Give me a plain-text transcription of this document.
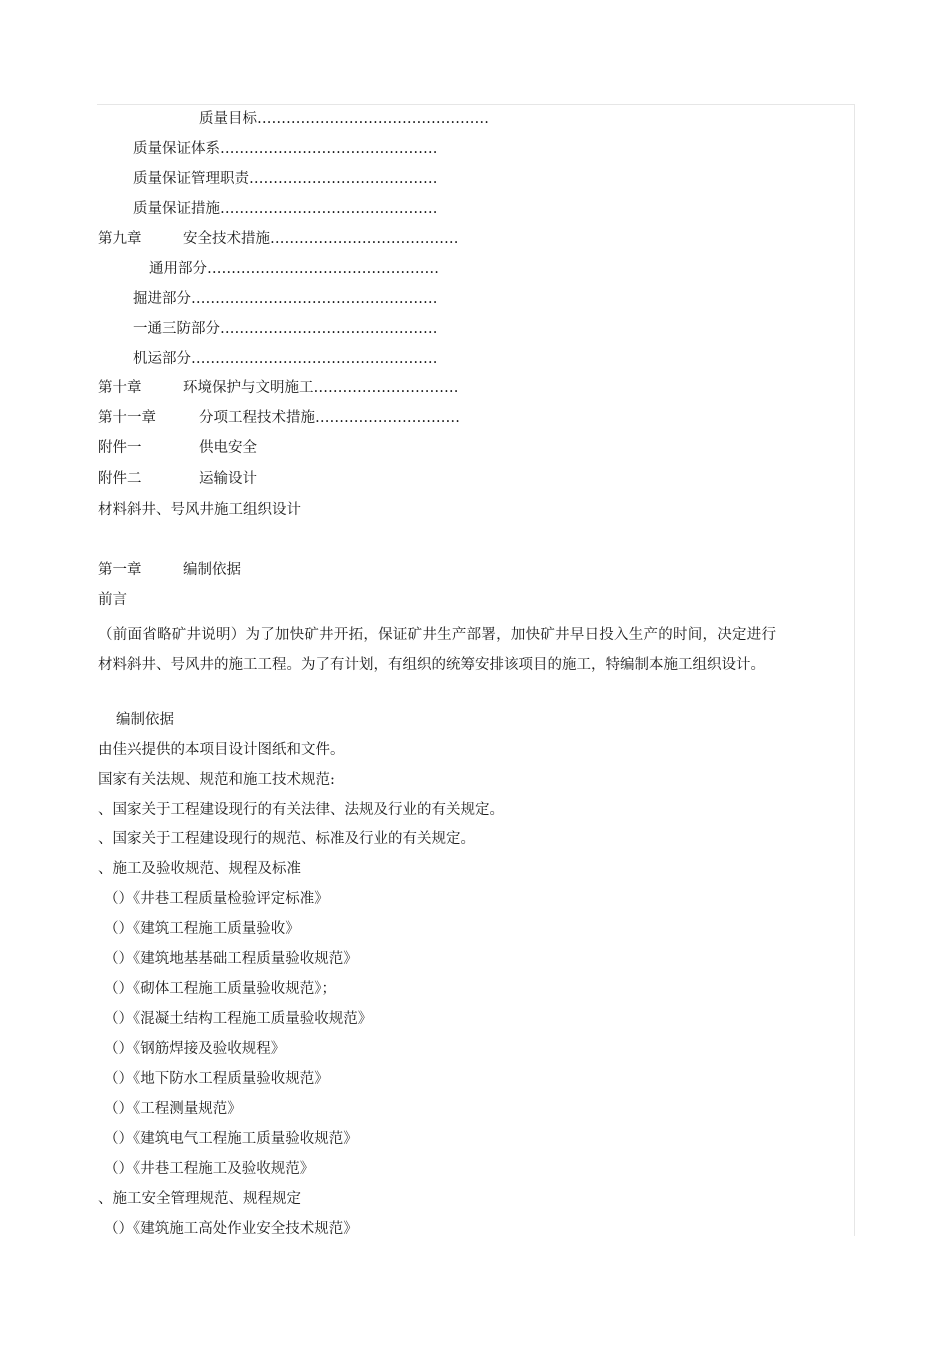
质量目标…………………………………………
质量保证体系………………………………………
质量保证管理职责…………………………………
质量保证措施………………………………………
第九章	安全技术措施…………………………………
通用部分…………………………………………
掘进部分……………………………………………
一通三防部分………………………………………
机运部分……………………………………………
第十章	环境保护与文明施工…………………………
第十一章	分项工程技术措施…………………………
附件一	供电安全
附件二	运输设计
材料斜井、号风井施工组织设计
第一章	编制依据
前言
（前面省略矿井说明）为了加快矿井开拓，保证矿井生产部署，加快矿井早日投入生产的时间，决定进行材料斜井、号风井的施工工程。为了有计划，有组织的统筹安排该项目的施工，特编制本施工组织设计。
编制依据
由佳兴提供的本项目设计图纸和文件。
国家有关法规、规范和施工技术规范:
、国家关于工程建设现行的有关法律、法规及行业的有关规定。
、国家关于工程建设现行的规范、标准及行业的有关规定。
、施工及验收规范、规程及标准
（）《井巷工程质量检验评定标准》
（）《建筑工程施工质量验收》
（）《建筑地基基础工程质量验收规范》
（）《砌体工程施工质量验收规范》；
（）《混凝土结构工程施工质量验收规范》
（）《钢筋焊接及验收规程》
（）《地下防水工程质量验收规范》
（）《工程测量规范》
（）《建筑电气工程施工质量验收规范》
（）《井巷工程施工及验收规范》
、施工安全管理规范、规程规定
（）《建筑施工高处作业安全技术规范》
